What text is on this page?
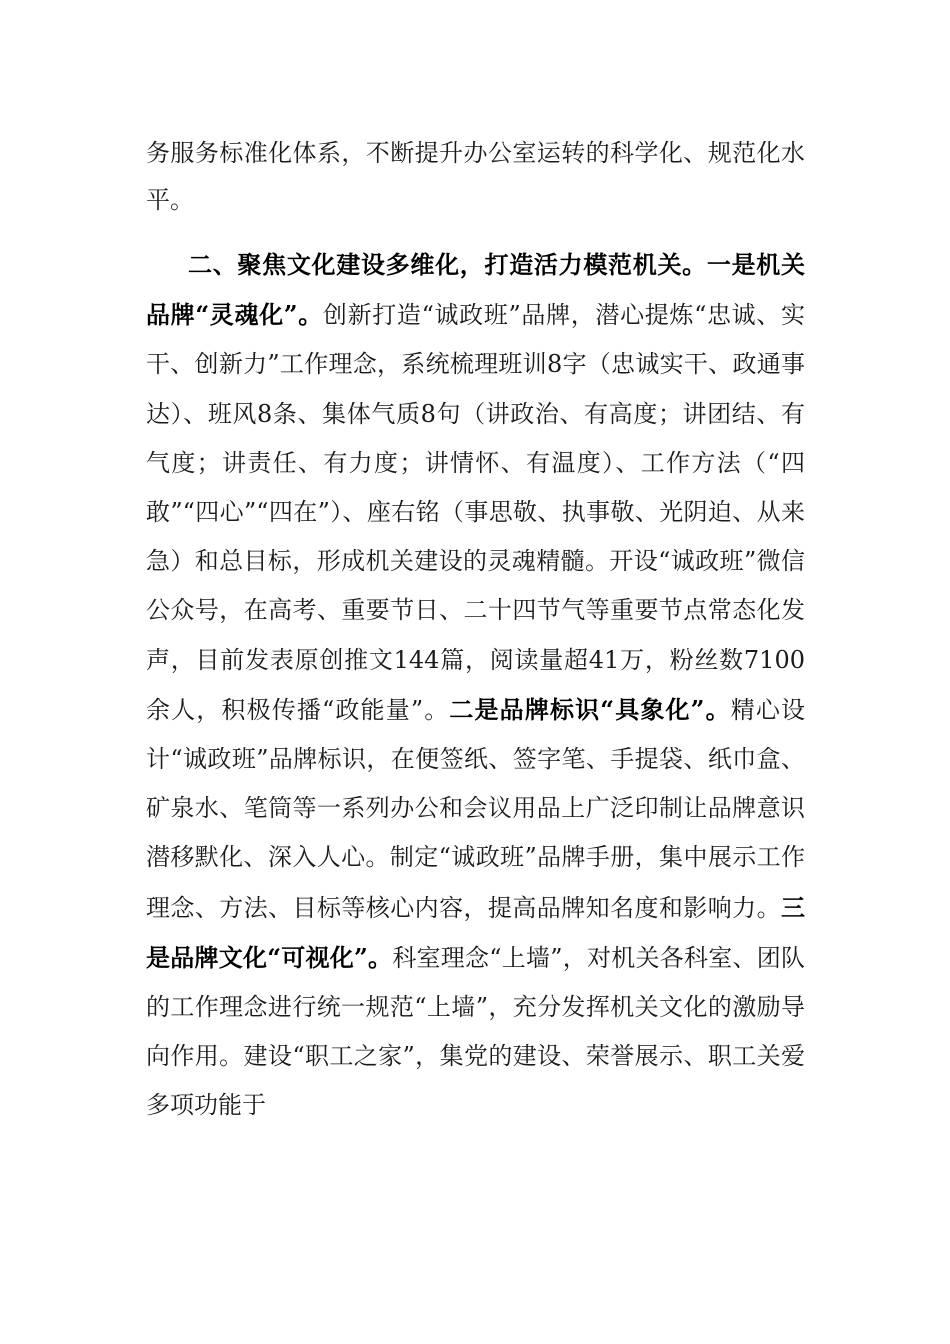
务服务标准化体系，不断提升办公室运转的科学化、规范化水平。

二、聚焦文化建设多维化，打造活力模范机关。一是机关品牌“灵魂化”。创新打造“诚政班”品牌，潜心提炼“忠诚、实干、创新力”工作理念，系统梳理班训8字（忠诚实干、政通事达）、班风8条、集体气质8句（讲政治、有高度；讲团结、有气度；讲责任、有力度；讲情怀、有温度）、工作方法（“四敢”“四心”“四在”）、座右铭（事思敬、执事敬、光阴迫、从来急）和总目标，形成机关建设的灵魂精髓。开设“诚政班”微信公众号，在高考、重要节日、二十四节气等重要节点常态化发声，目前发表原创推文144篇，阅读量超41万，粉丝数7100余人，积极传播“政能量”。二是品牌标识“具象化”。精心设计“诚政班”品牌标识，在便签纸、签字笔、手提袋、纸巾盒、矿泉水、笔筒等一系列办公和会议用品上广泛印制让品牌意识潜移默化、深入人心。制定“诚政班”品牌手册，集中展示工作理念、方法、目标等核心内容，提高品牌知名度和影响力。三是品牌文化“可视化”。科室理念“上墙”，对机关各科室、团队的工作理念进行统一规范“上墙”，充分发挥机关文化的激励导向作用。建设“职工之家”，集党的建设、荣誉展示、职工关爱多项功能于
